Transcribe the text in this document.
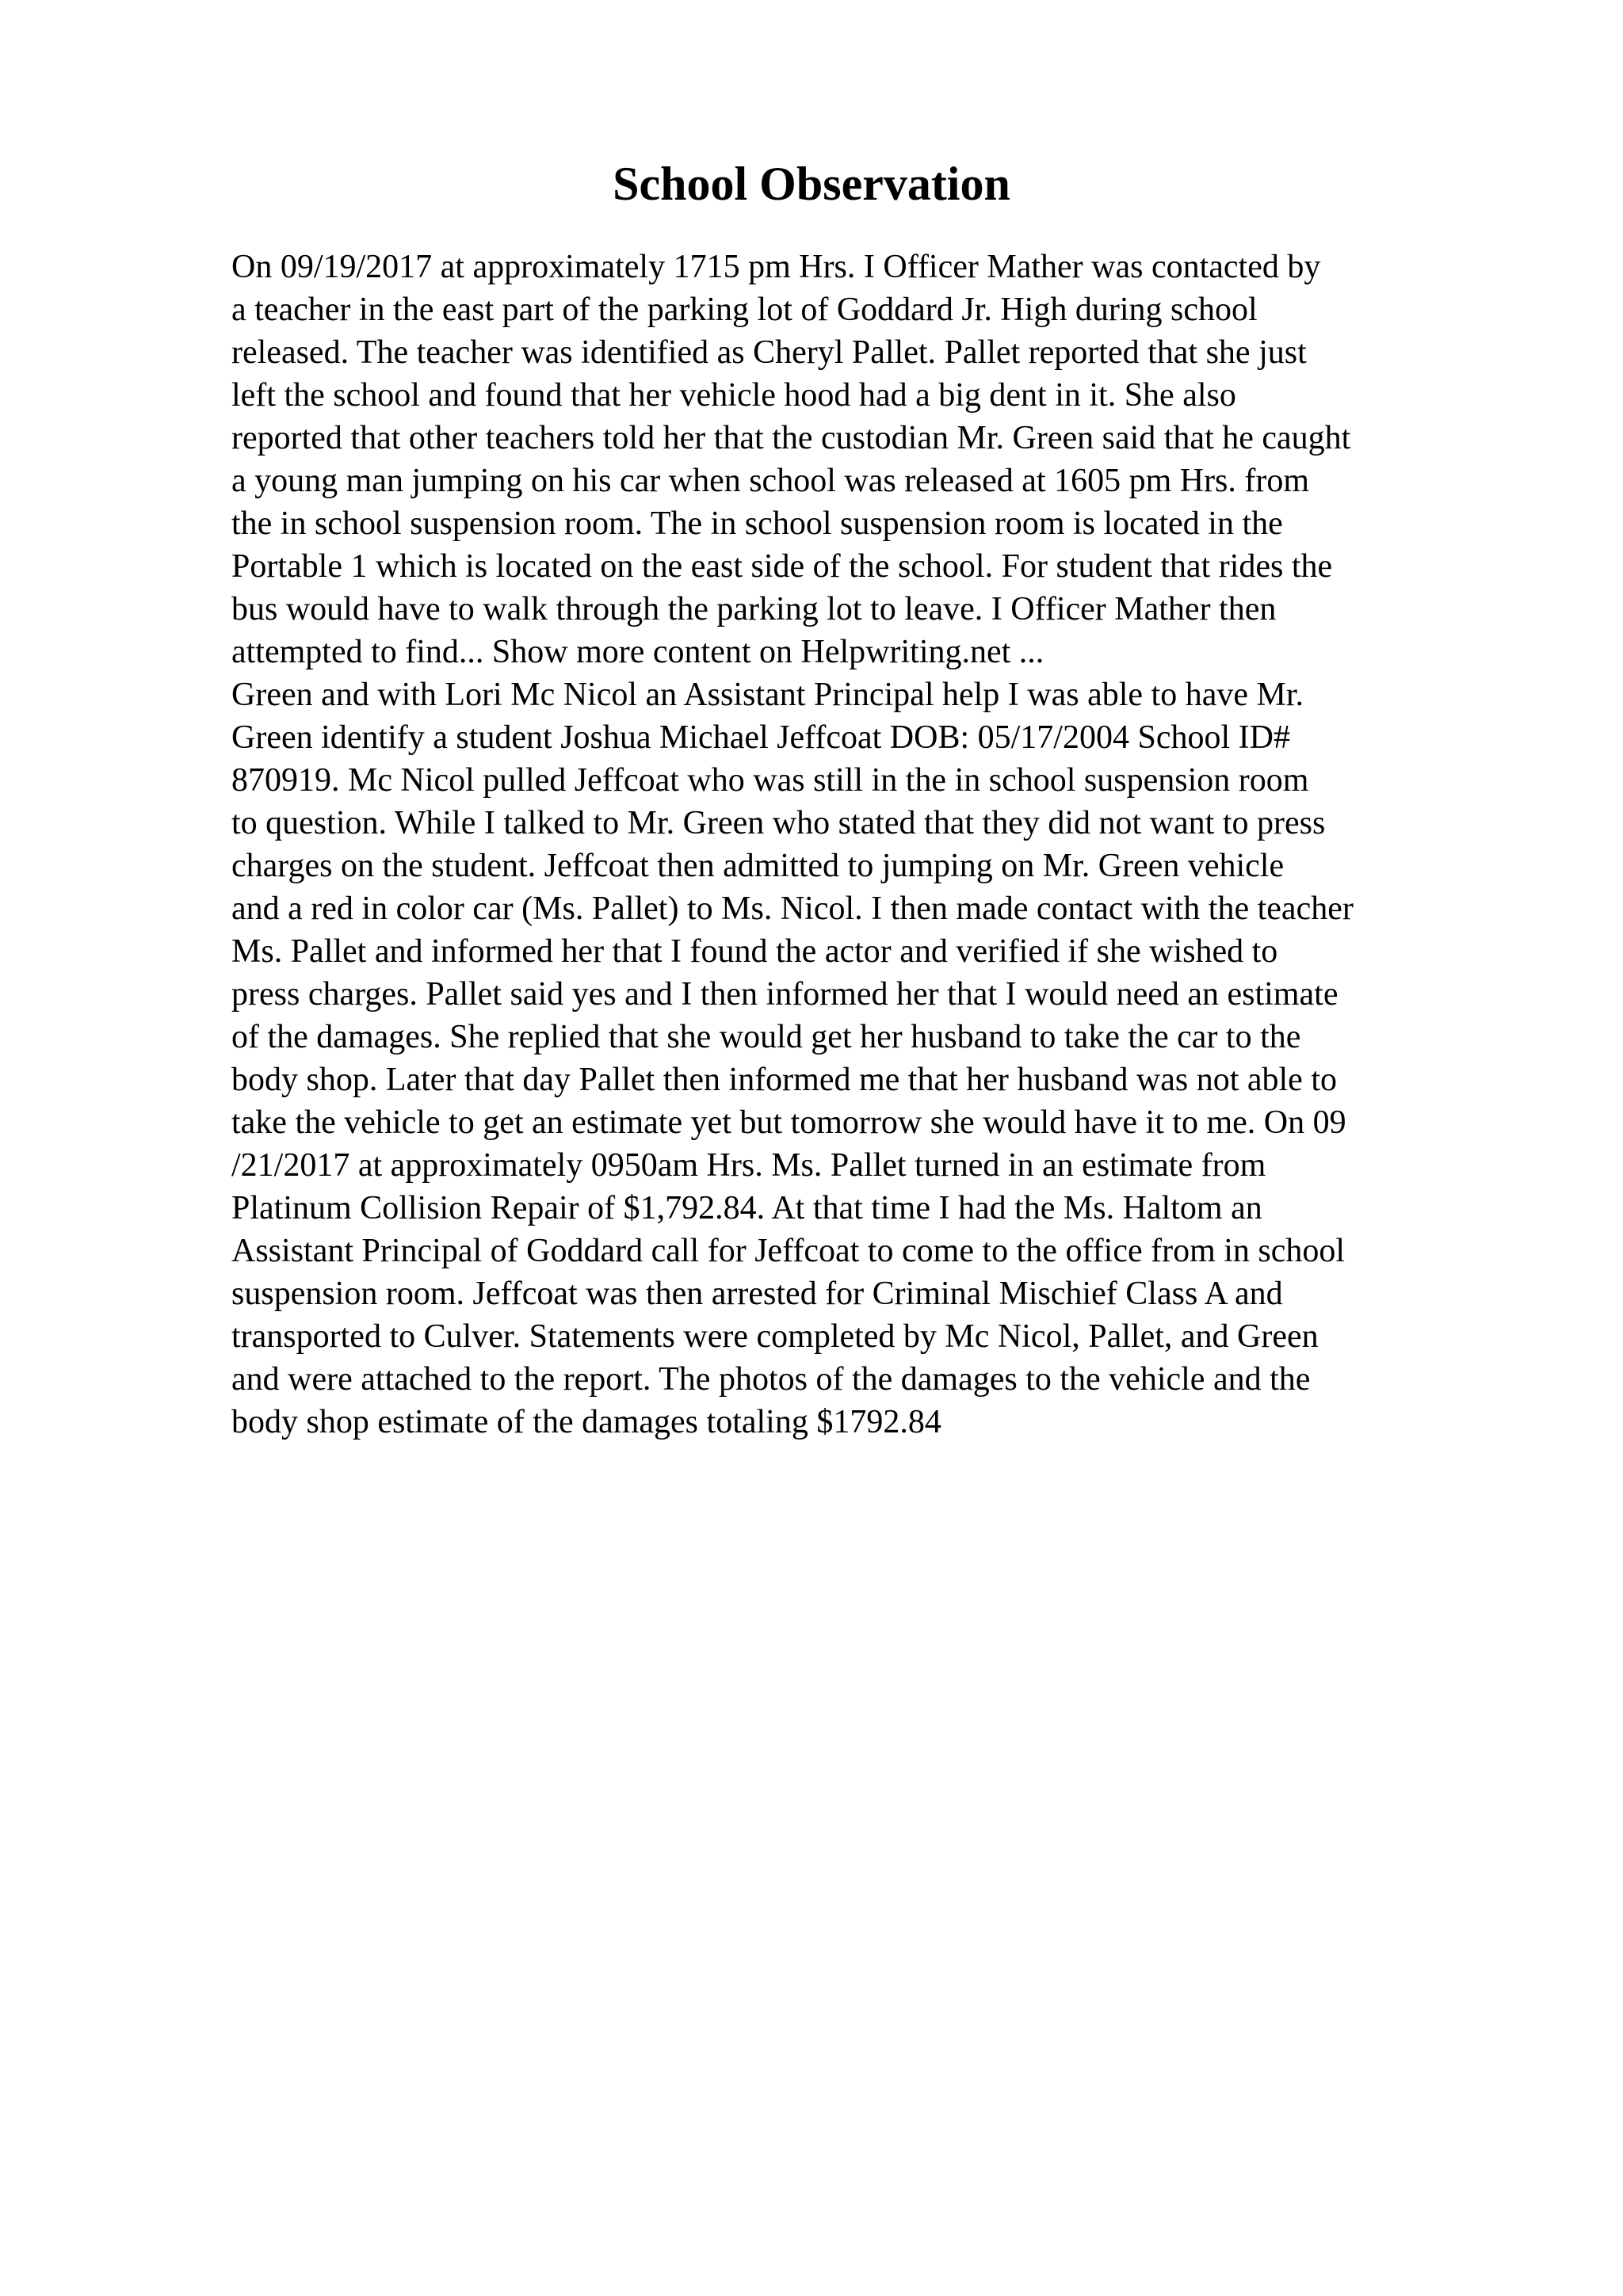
School Observation
On 09/19/2017 at approximately 1715 pm Hrs. I Officer Mather was contacted by
a teacher in the east part of the parking lot of Goddard Jr. High during school
released. The teacher was identified as Cheryl Pallet. Pallet reported that she just
left the school and found that her vehicle hood had a big dent in it. She also
reported that other teachers told her that the custodian Mr. Green said that he caught
a young man jumping on his car when school was released at 1605 pm Hrs. from
the in school suspension room. The in school suspension room is located in the
Portable 1 which is located on the east side of the school. For student that rides the
bus would have to walk through the parking lot to leave. I Officer Mather then
attempted to find... Show more content on Helpwriting.net ...
Green and with Lori Mc Nicol an Assistant Principal help I was able to have Mr.
Green identify a student Joshua Michael Jeffcoat DOB: 05/17/2004 School ID#
870919. Mc Nicol pulled Jeffcoat who was still in the in school suspension room
to question. While I talked to Mr. Green who stated that they did not want to press
charges on the student. Jeffcoat then admitted to jumping on Mr. Green vehicle
and a red in color car (Ms. Pallet) to Ms. Nicol. I then made contact with the teacher
Ms. Pallet and informed her that I found the actor and verified if she wished to
press charges. Pallet said yes and I then informed her that I would need an estimate
of the damages. She replied that she would get her husband to take the car to the
body shop. Later that day Pallet then informed me that her husband was not able to
take the vehicle to get an estimate yet but tomorrow she would have it to me. On 09
/21/2017 at approximately 0950am Hrs. Ms. Pallet turned in an estimate from
Platinum Collision Repair of $1,792.84. At that time I had the Ms. Haltom an
Assistant Principal of Goddard call for Jeffcoat to come to the office from in school
suspension room. Jeffcoat was then arrested for Criminal Mischief Class A and
transported to Culver. Statements were completed by Mc Nicol, Pallet, and Green
and were attached to the report. The photos of the damages to the vehicle and the
body shop estimate of the damages totaling $1792.84
